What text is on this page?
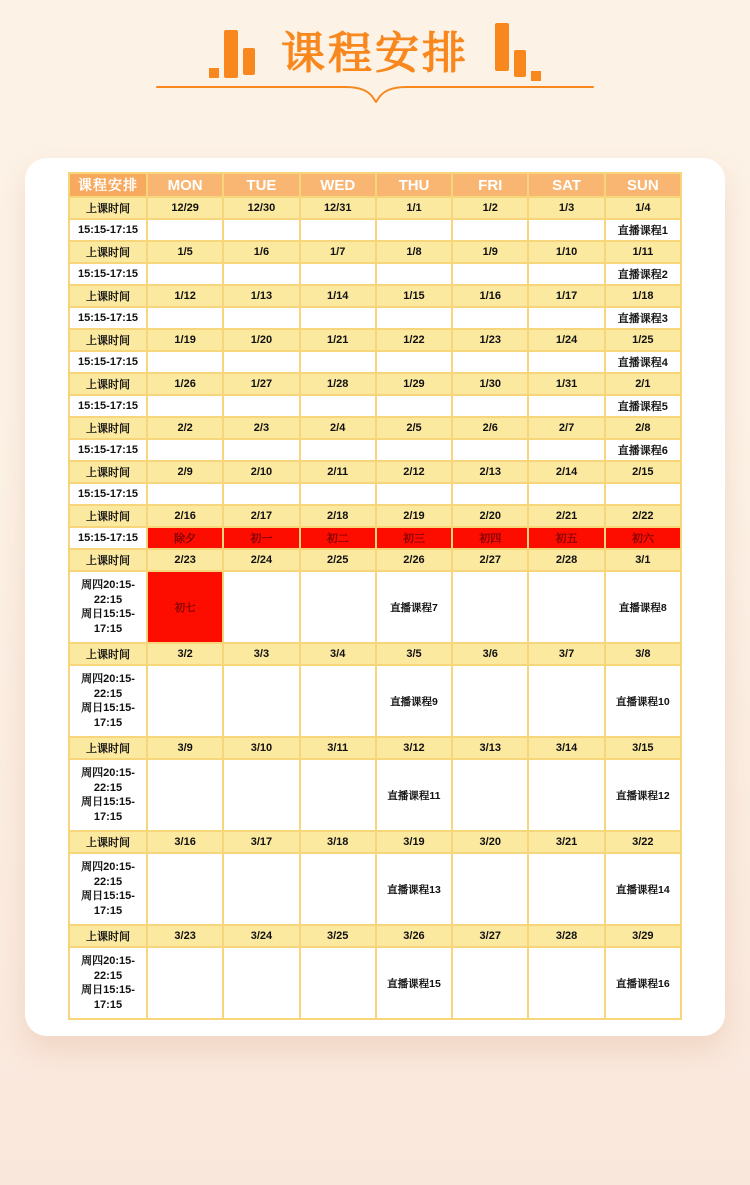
课程安排
课程安排	MON	TUE	WED	THU	FRI	SAT	SUN
上课时间	12/29	12/30	12/31	1/1	1/2	1/3	1/4
15:15-17:15							直播课程1
上课时间	1/5	1/6	1/7	1/8	1/9	1/10	1/11
15:15-17:15							直播课程2
上课时间	1/12	1/13	1/14	1/15	1/16	1/17	1/18
15:15-17:15							直播课程3
上课时间	1/19	1/20	1/21	1/22	1/23	1/24	1/25
15:15-17:15							直播课程4
上课时间	1/26	1/27	1/28	1/29	1/30	1/31	2/1
15:15-17:15							直播课程5
上课时间	2/2	2/3	2/4	2/5	2/6	2/7	2/8
15:15-17:15							直播课程6
上课时间	2/9	2/10	2/11	2/12	2/13	2/14	2/15
15:15-17:15							
上课时间	2/16	2/17	2/18	2/19	2/20	2/21	2/22
15:15-17:15	除夕	初一	初二	初三	初四	初五	初六
上课时间	2/23	2/24	2/25	2/26	2/27	2/28	3/1

周四20:15-22:15
周日15:15-17:15	初七			直播课程7			直播课程8
上课时间	3/2	3/3	3/4	3/5	3/6	3/7	3/8

周四20:15-22:15
周日15:15-17:15				直播课程9			直播课程10
上课时间	3/9	3/10	3/11	3/12	3/13	3/14	3/15

周四20:15-22:15
周日15:15-17:15				直播课程11			直播课程12
上课时间	3/16	3/17	3/18	3/19	3/20	3/21	3/22

周四20:15-22:15
周日15:15-17:15				直播课程13			直播课程14
上课时间	3/23	3/24	3/25	3/26	3/27	3/28	3/29

周四20:15-22:15
周日15:15-17:15				直播课程15			直播课程16
